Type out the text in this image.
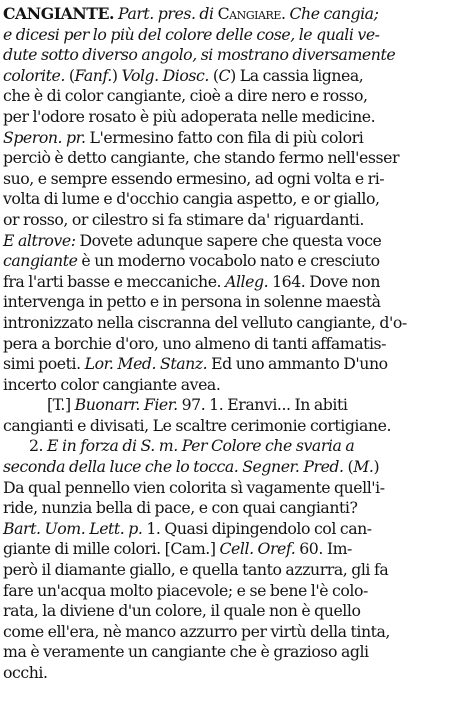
CANGIANTE. Part. pres. di Cangiare. Che cangia;
e dicesi per lo più del colore delle cose, le quali ve-
dute sotto diverso angolo, si mostrano diversamente
colorite. (Fanf.) Volg. Diosc. (C) La cassia lignea,
che è di color cangiante, cioè a dire nero e rosso,
per l'odore rosato è più adoperata nelle medicine.
Speron. pr. L'ermesino fatto con fila di più colori
perciò è detto cangiante, che stando fermo nell'esser
suo, e sempre essendo ermesino, ad ogni volta e ri-
volta di lume e d'occhio cangia aspetto, e or giallo,
or rosso, or cilestro si fa stimare da' riguardanti.
E altrove: Dovete adunque sapere che questa voce
cangiante è un moderno vocabolo nato e cresciuto
fra l'arti basse e meccaniche. Alleg. 164. Dove non
intervenga in petto e in persona in solenne maestà
intronizzato nella ciscranna del velluto cangiante, d'o-
pera a borchie d'oro, uno almeno di tanti affamatis-
simi poeti. Lor. Med. Stanz. Ed uno ammanto D'uno
incerto color cangiante avea.
[T.] Buonarr. Fier. 97. 1. Eranvi... In abiti
cangianti e divisati, Le scaltre cerimonie cortigiane.
2. E in forza di S. m. Per Colore che svaria a
seconda della luce che lo tocca. Segner. Pred. (M.)
Da qual pennello vien colorita sì vagamente quell'i-
ride, nunzia bella di pace, e con quai cangianti?
Bart. Uom. Lett. p. 1. Quasi dipingendolo col can-
giante di mille colori. [Cam.] Cell. Oref. 60. Im-
però il diamante giallo, e quella tanto azzurra, gli fa
fare un'acqua molto piacevole; e se bene l'è colo-
rata, la diviene d'un colore, il quale non è quello
come ell'era, nè manco azzurro per virtù della tinta,
ma è veramente un cangiante che è grazioso agli
occhi.
